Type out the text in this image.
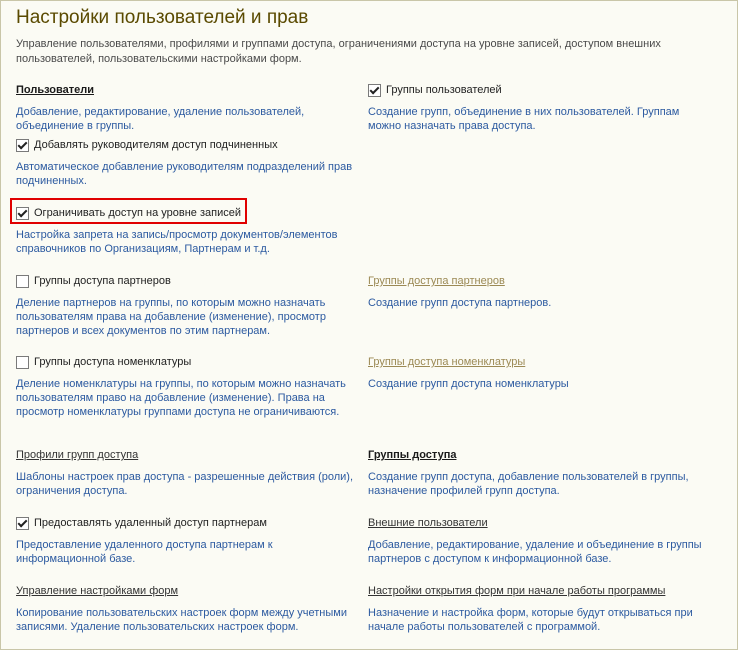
Настройки пользователей и прав
Управление пользователями, профилями и группами доступа, ограничениями доступа на уровне записей, доступом внешних пользователей, пользовательскими настройками форм.
Пользователи
Добавление, редактирование, удаление пользователей, объединение в группы.
Группы пользователей
Создание групп, объединение в них пользователей. Группам можно назначать права доступа.
Добавлять руководителям доступ подчиненных
Автоматическое добавление руководителям подразделений прав подчиненных.
Ограничивать доступ на уровне записей
Настройка запрета на запись/просмотр документов/элементов справочников по Организациям, Партнерам и т.д.
Группы доступа партнеров
Деление партнеров на группы, по которым можно назначать пользователям права на добавление (изменение), просмотр партнеров и всех документов по этим партнерам.
Группы доступа партнеров
Создание групп доступа партнеров.
Группы доступа номенклатуры
Деление номенклатуры на группы, по которым можно назначать пользователям право на добавление (изменение). Права на просмотр номенклатуры группами доступа не ограничиваются.
Группы доступа номенклатуры
Создание групп доступа номенклатуры
Профили групп доступа
Шаблоны настроек прав доступа - разрешенные действия (роли), ограничения доступа.
Группы доступа
Создание групп доступа, добавление пользователей в группы, назначение профилей групп доступа.
Предоставлять удаленный доступ партнерам
Предоставление удаленного доступа партнерам к информационной базе.
Внешние пользователи
Добавление, редактирование, удаление и объединение в группы партнеров с доступом к информационной базе.
Управление настройками форм
Копирование пользовательских настроек форм между учетными записями. Удаление пользовательских настроек форм.
Настройки открытия форм при начале работы программы
Назначение и настройка форм, которые будут открываться при начале работы пользователей с программой.
